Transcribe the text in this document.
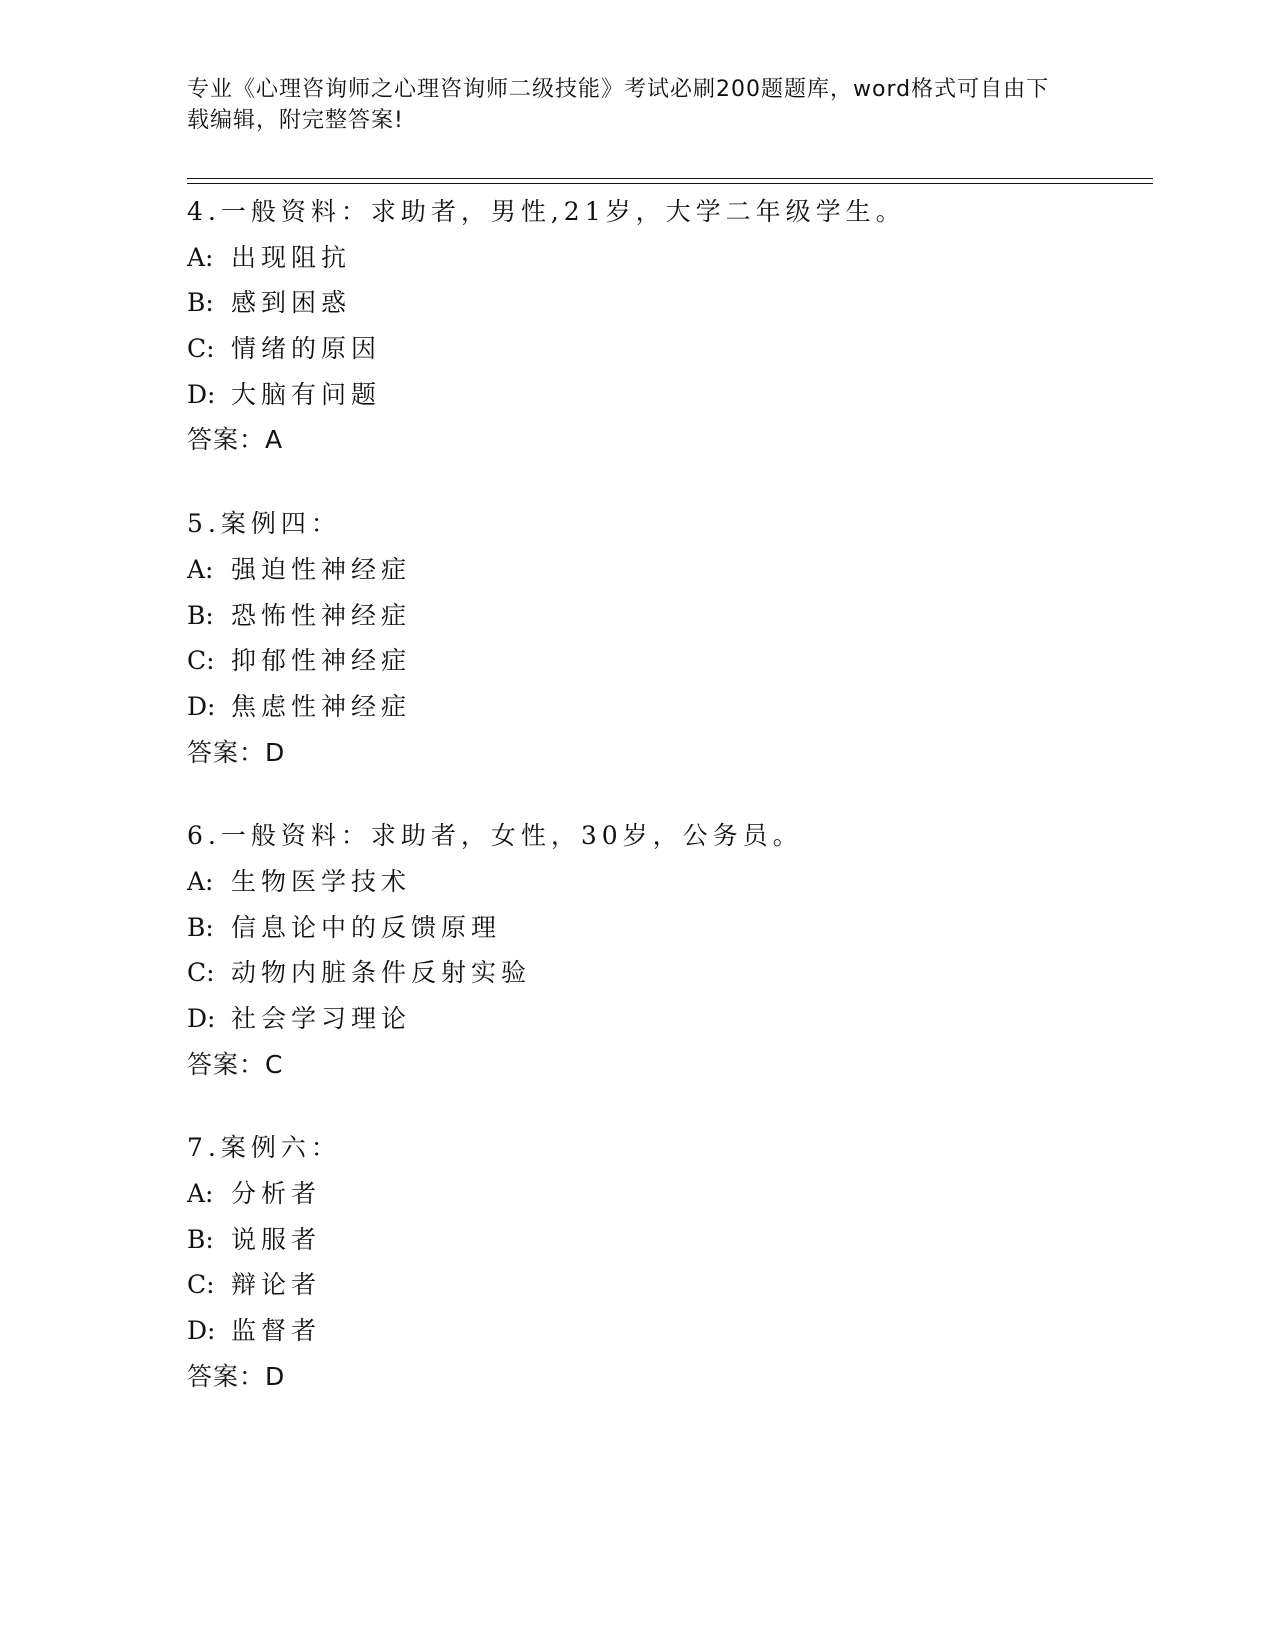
专业《心理咨询师之心理咨询师二级技能》考试必刷200题题库，word格式可自由下载编辑，附完整答案!

4.一般资料：求助者，男性,21岁，大学二年级学生。
A: 出现阻抗
B: 感到困惑
C: 情绪的原因
D: 大脑有问题
答案：A
5.案例四：
A: 强迫性神经症
B: 恐怖性神经症
C: 抑郁性神经症
D: 焦虑性神经症
答案：D
6.一般资料：求助者，女性，30岁，公务员。
A: 生物医学技术
B: 信息论中的反馈原理
C: 动物内脏条件反射实验
D: 社会学习理论
答案：C
7.案例六：
A: 分析者
B: 说服者
C: 辩论者
D: 监督者
答案：D
